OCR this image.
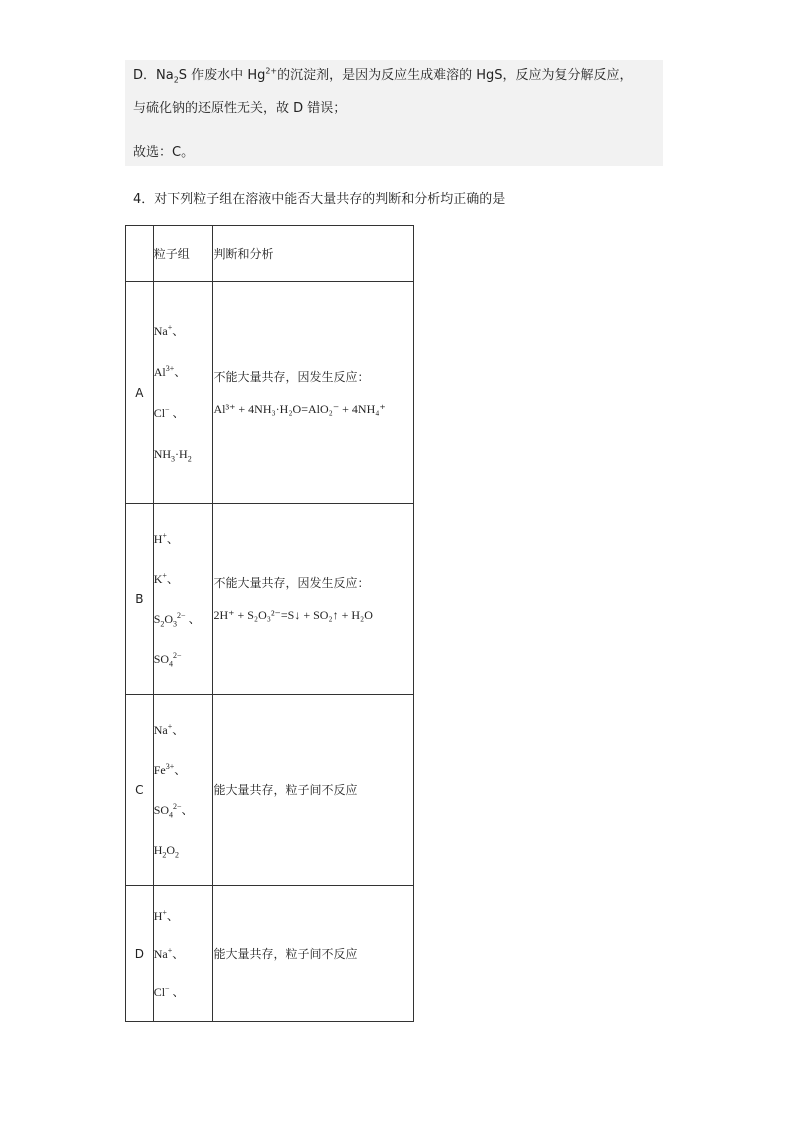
D．$Na_2S$ 作废水中 $Hg^{2+}$的沉淀剂，是因为反应生成难溶的 HgS，反应为复分解反应，
与硫化钠的还原性无关，故 D 错误；
故选：C。
4．对下列粒子组在溶液中能否大量共存的判断和分析均正确的是
	粒子组	判断和分析
A	Na+、
$Al^{3+}$、
Cl− 、
$NH_3\cdot H_2$	不能大量共存，因发生反应：
Al³⁺ + 4NH₃·H₂O=AlO₂⁻ + 4NH₄⁺

B	H+、
K+、
$S_2O_3^{2-}$ 、
$SO_4^{2-}$	不能大量共存，因发生反应：
2H⁺ + S₂O₃²⁻=S↓ + SO₂↑ + H₂O

C	Na+、
$Fe^{3+}$、
$SO_4^{2-}$、
$H_2O_2$	能大量共存，粒子间不反应
D	H+、
Na+、
Cl− 、	能大量共存，粒子间不反应
